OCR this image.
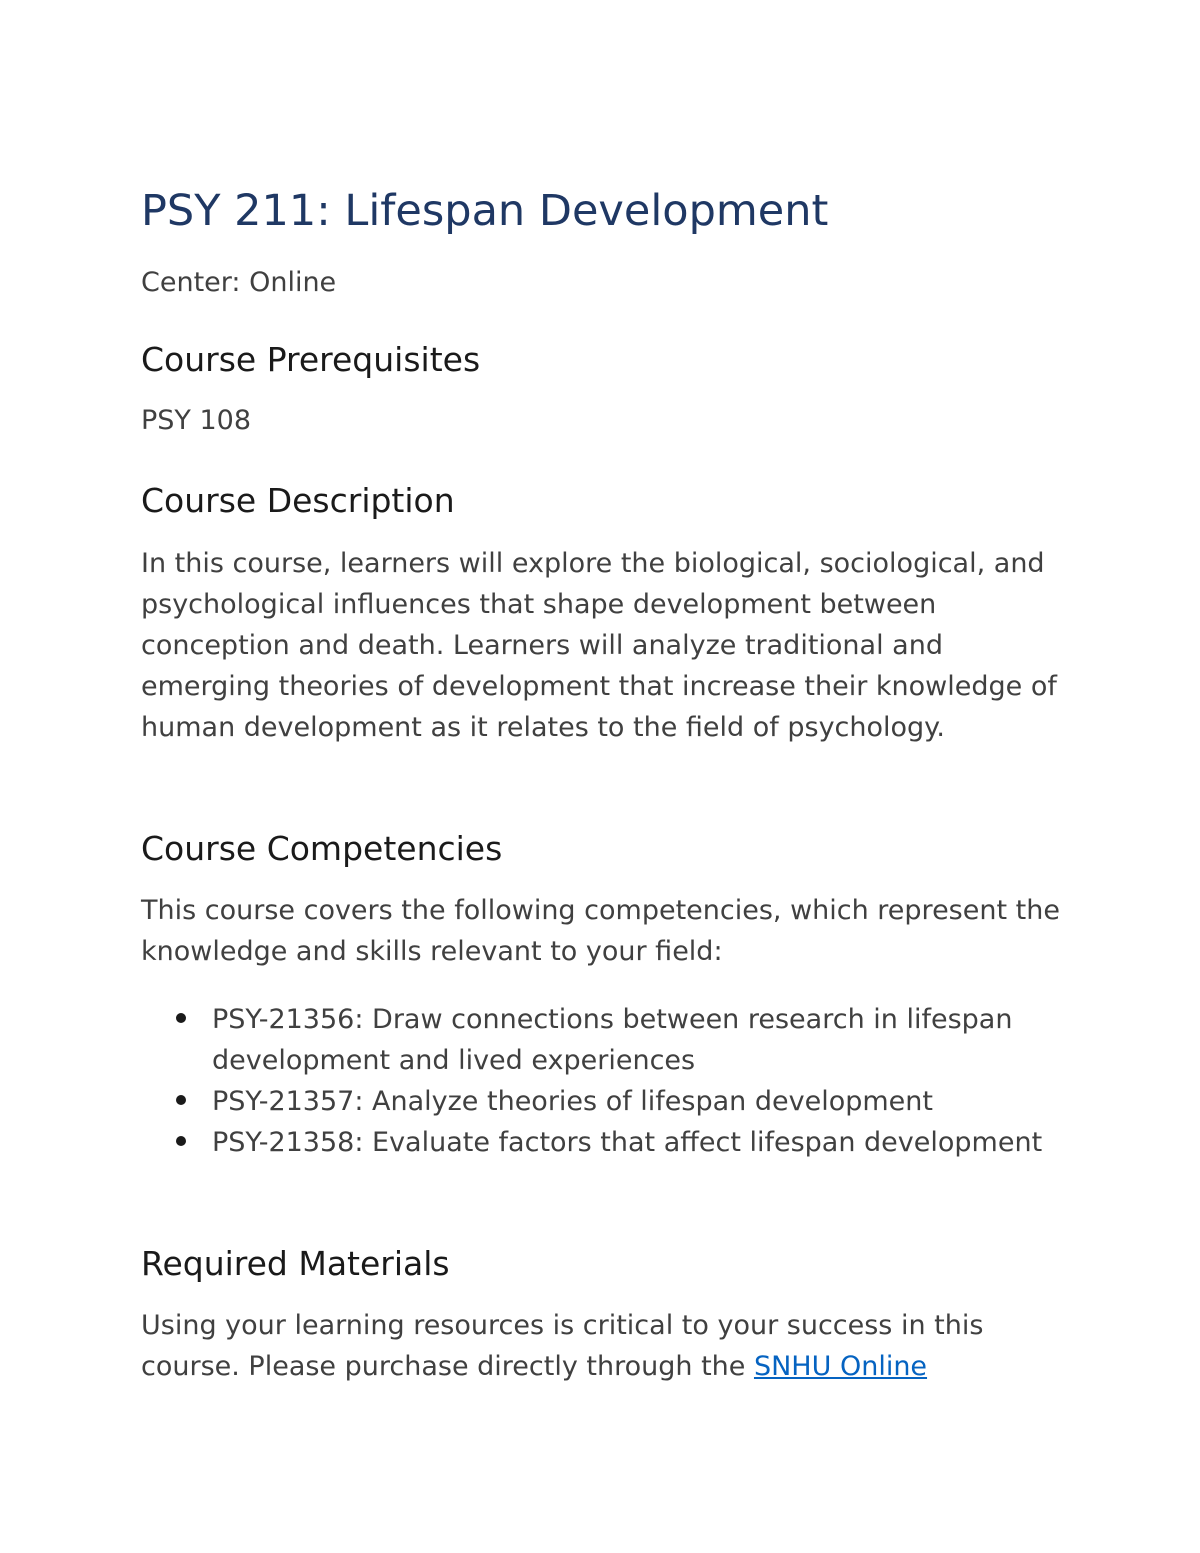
PSY 211: Lifespan Development

Center: Online

Course Prerequisites

PSY 108

Course Description

In this course, learners will explore the biological, sociological, and psychological influences that shape development between conception and death. Learners will analyze traditional and emerging theories of development that increase their knowledge of human development as it relates to the field of psychology.

Course Competencies

This course covers the following competencies, which represent the knowledge and skills relevant to your field:

PSY-21356: Draw connections between research in lifespan development and lived experiences
PSY-21357: Analyze theories of lifespan development
PSY-21358: Evaluate factors that affect lifespan development
Required Materials

Using your learning resources is critical to your success in this course. Please purchase directly through the SNHU Online
